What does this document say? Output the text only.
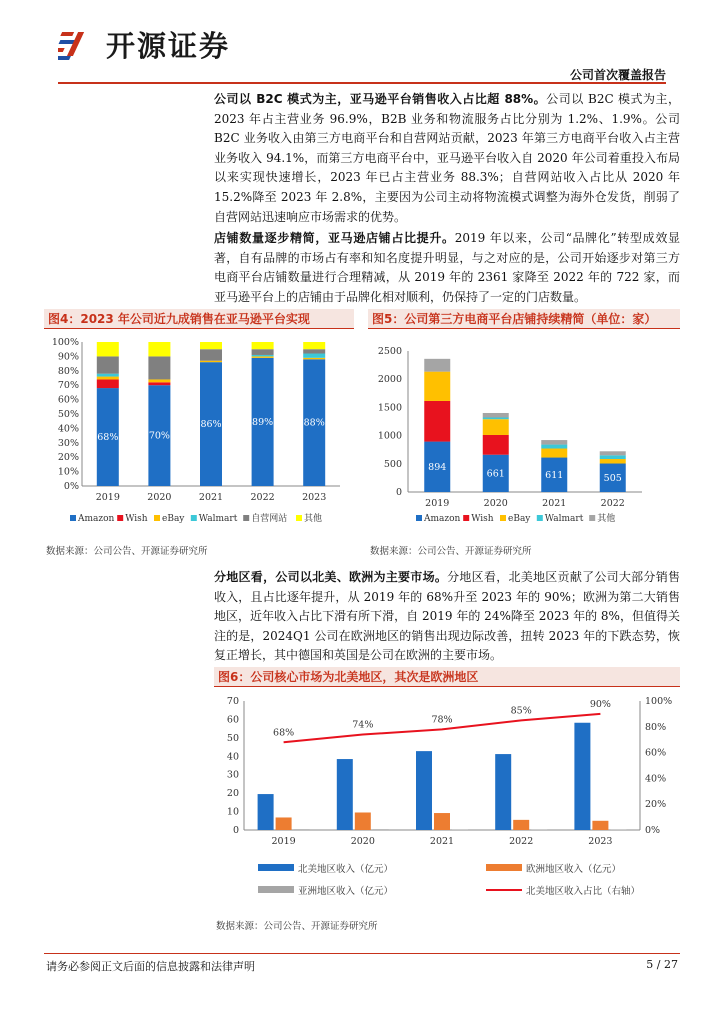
开源证券
公司首次覆盖报告
公司以 B2C 模式为主，亚马逊平台销售收入占比超 88%。公司以 B2C 模式为主，2023 年占主营业务 96.9%，B2B 业务和物流服务占比分别为 1.2%、1.9%。公司 B2C 业务收入由第三方电商平台和自营网站贡献，2023 年第三方电商平台收入占主营业务收入 94.1%，而第三方电商平台中，亚马逊平台收入自 2020 年公司着重投入布局以来实现快速增长，2023 年已占主营业务 88.3%；自营网站收入占比从 2020 年 15.2%降至 2023 年 2.8%，主要因为公司主动将物流模式调整为海外仓发货，削弱了自营网站迅速响应市场需求的优势。
店铺数量逐步精简，亚马逊店铺占比提升。2019 年以来，公司“品牌化”转型成效显著，自有品牌的市场占有率和知名度提升明显，与之对应的是，公司开始逐步对第三方电商平台店铺数量进行合理精减，从 2019 年的 2361 家降至 2022 年的 722 家，而亚马逊平台上的店铺由于品牌化相对顺利，仍保持了一定的门店数量。
图4：2023 年公司近九成销售在亚马逊平台实现
0%
10%
20%
30%
40%
50%
60%
70%
80%
90%
100%
68%
2019
70%
2020
86%
2021
89%
2022
88%
2023
Amazon Wish eBay Walmart 自营网站 其他
数据来源：公司公告、开源证券研究所
图5：公司第三方电商平台店铺持续精简（单位：家）
0
500
1000
1500
2000
2500
894
2019
661
2020
611
2021
505
2022
Amazon Wish eBay Walmart 其他
数据来源：公司公告、开源证券研究所
分地区看，公司以北美、欧洲为主要市场。分地区看，北美地区贡献了公司大部分销售收入，且占比逐年提升，从 2019 年的 68%升至 2023 年的 90%；欧洲为第二大销售地区，近年收入占比下滑有所下滑，自 2019 年的 24%降至 2023 年的 8%，但值得关注的是，2024Q1 公司在欧洲地区的销售出现边际改善，扭转 2023 年的下跌态势，恢复正增长，其中德国和英国是公司在欧洲的主要市场。
图6：公司核心市场为北美地区，其次是欧洲地区
0
10
20
30
40
50
60
70
0%
20%
40%
60%
80%
100%
2019	2020	2021	2022	2023
68%
74%	78%
85%
90%
北美地区收入（亿元）	欧洲地区收入（亿元）
亚洲地区收入（亿元）	北美地区收入占比（右轴）
数据来源：公司公告、开源证券研究所
请务必参阅正文后面的信息披露和法律声明	5 / 27
